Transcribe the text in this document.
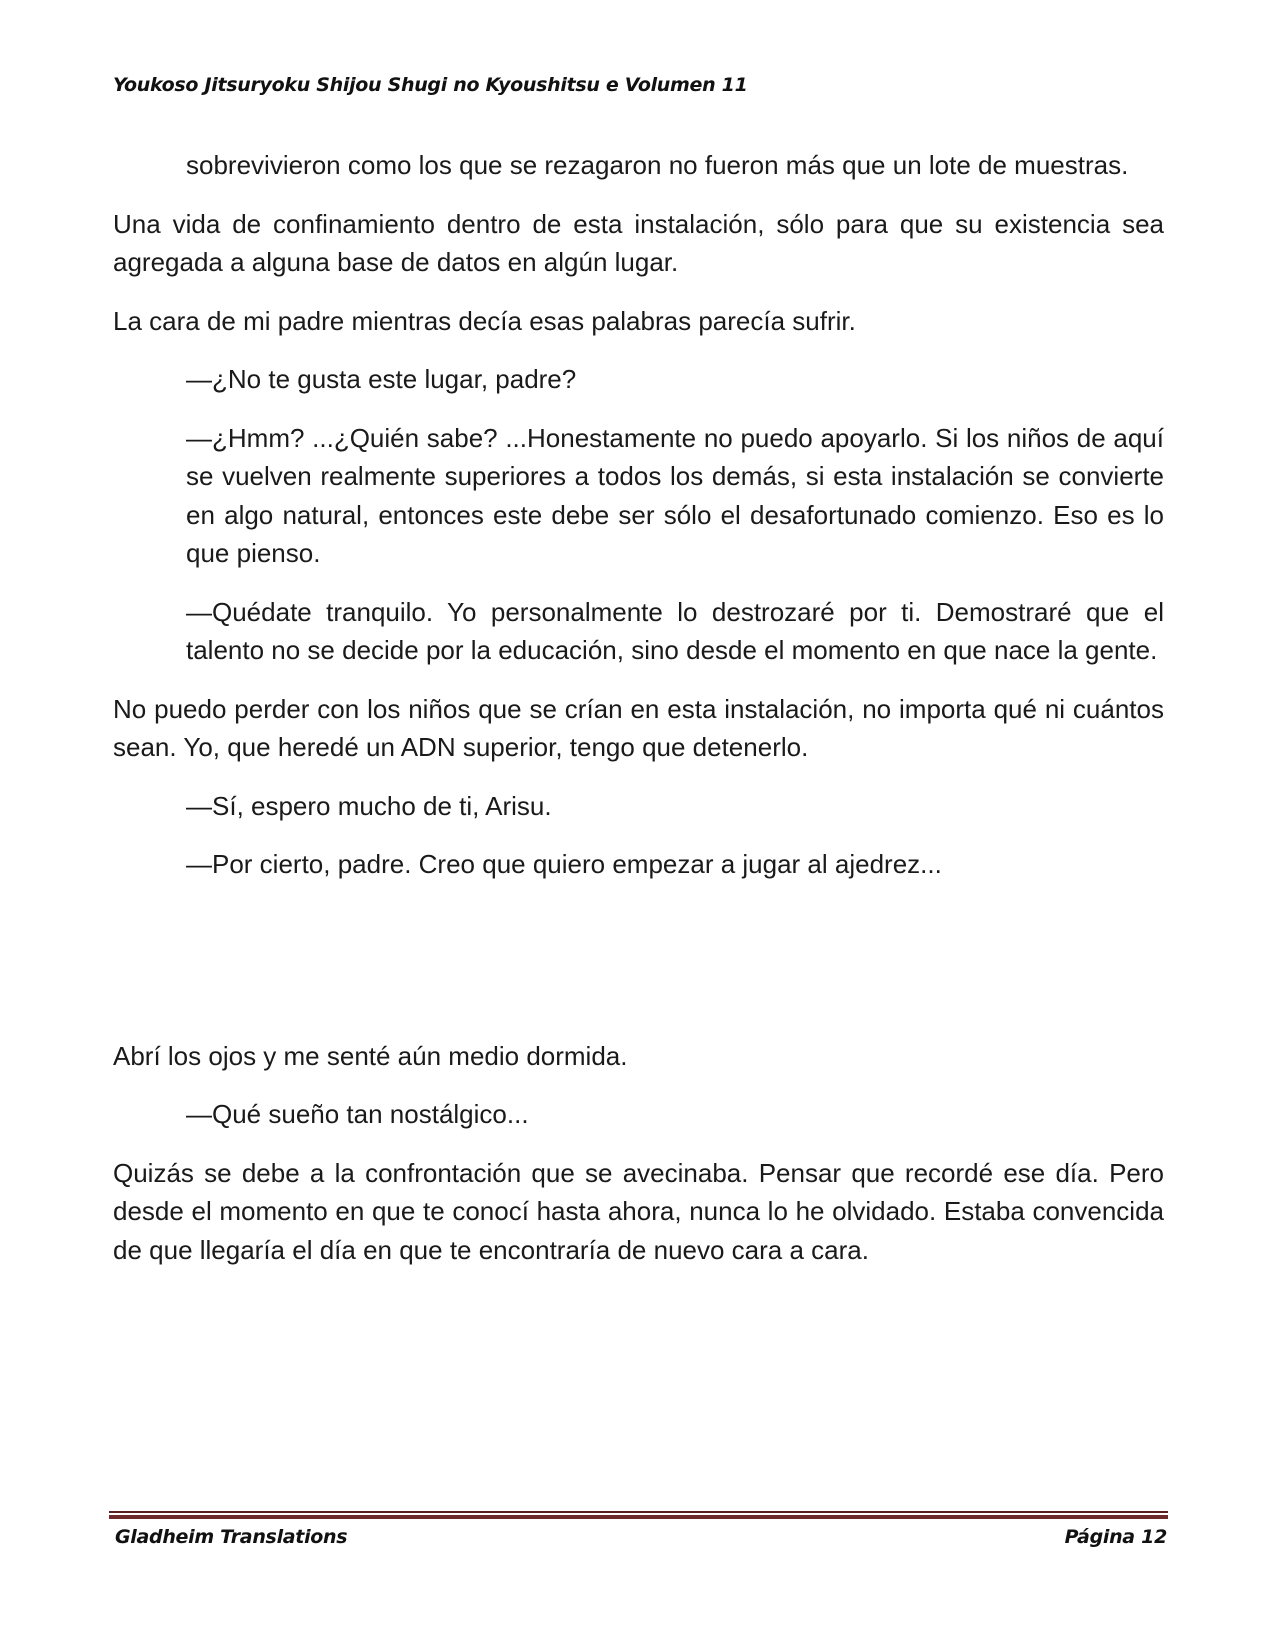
Youkoso Jitsuryoku Shijou Shugi no Kyoushitsu e Volumen 11

sobrevivieron como los que se rezagaron no fueron más que un lote de muestras.

Una vida de confinamiento dentro de esta instalación, sólo para que su existencia sea agregada a alguna base de datos en algún lugar.

La cara de mi padre mientras decía esas palabras parecía sufrir.

—¿No te gusta este lugar, padre?

—¿Hmm? ...¿Quién sabe? ...Honestamente no puedo apoyarlo. Si los niños de aquí se vuelven realmente superiores a todos los demás, si esta instalación se convierte en algo natural, entonces este debe ser sólo el desafortunado comienzo. Eso es lo que pienso.

—Quédate tranquilo. Yo personalmente lo destrozaré por ti. Demostraré que el talento no se decide por la educación, sino desde el momento en que nace la gente.

No puedo perder con los niños que se crían en esta instalación, no importa qué ni cuántos sean. Yo, que heredé un ADN superior, tengo que detenerlo.

—Sí, espero mucho de ti, Arisu.

—Por cierto, padre. Creo que quiero empezar a jugar al ajedrez...

Abrí los ojos y me senté aún medio dormida.

—Qué sueño tan nostálgico...

Quizás se debe a la confrontación que se avecinaba. Pensar que recordé ese día. Pero desde el momento en que te conocí hasta ahora, nunca lo he olvidado. Estaba convencida de que llegaría el día en que te encontraría de nuevo cara a cara.

Gladheim Translations	Página 12
